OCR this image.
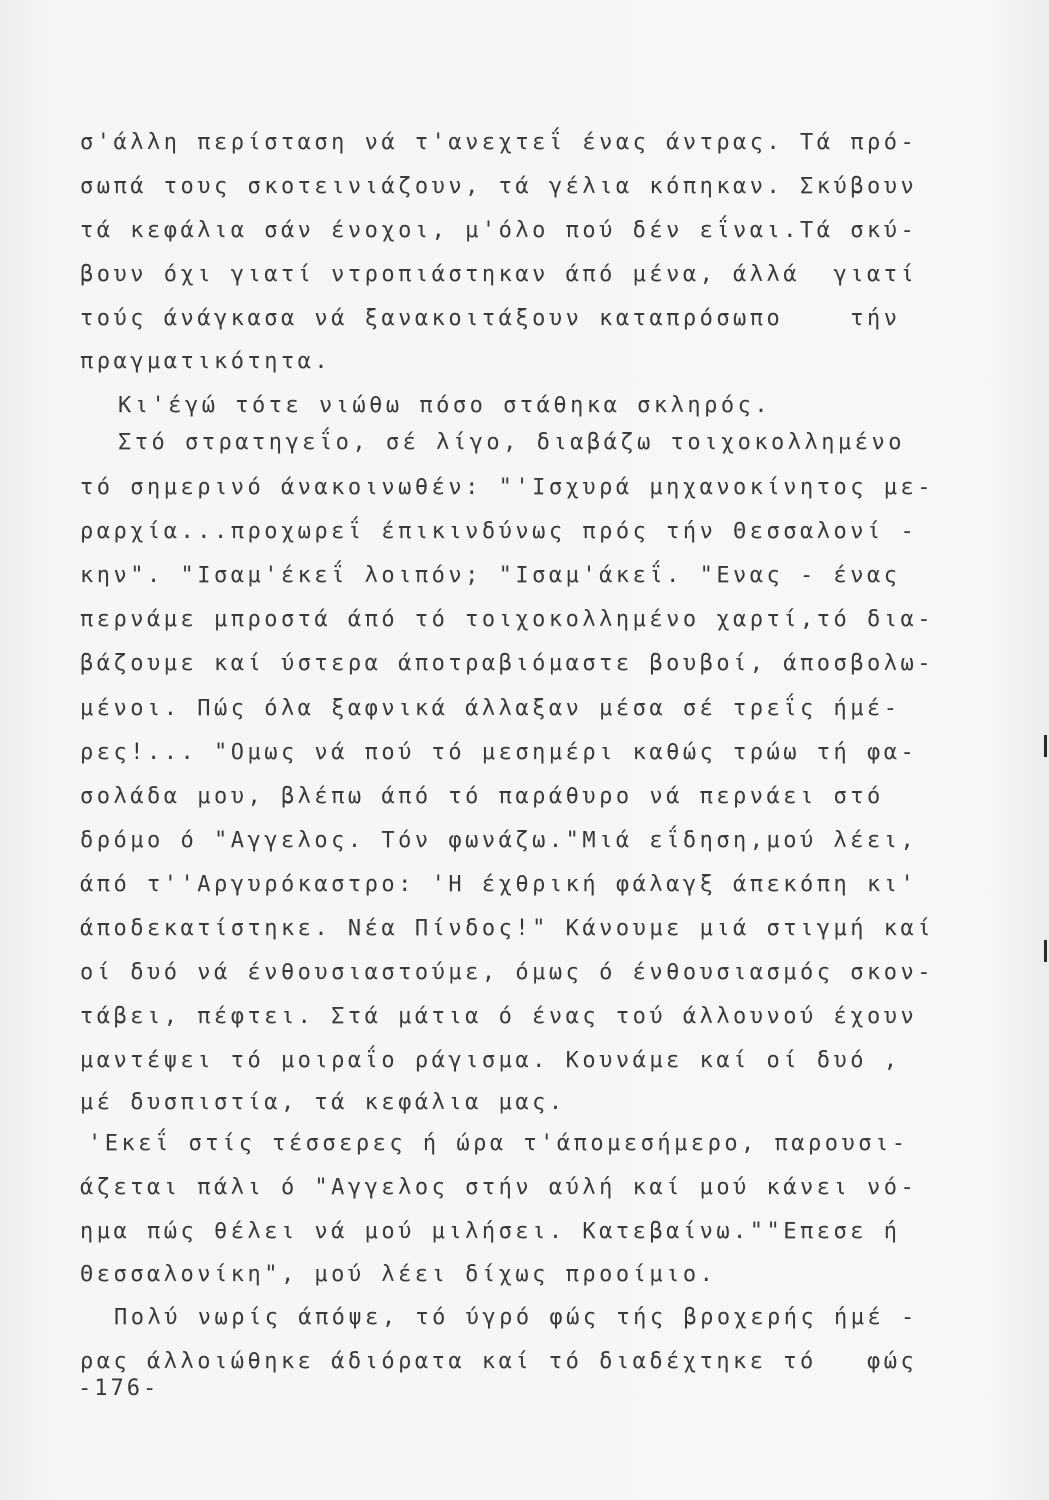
σ'άλλη περίσταση νά τ'ανεχτεΐ ένας άντρας. Τά πρό-
σωπά τους σκοτεινιάζουν, τά γέλια κόπηκαν. Σκύβουν
τά κεφάλια σάν ένοχοι, μ'όλο πού δέν εΐναι.Τά σκύ-
βουν όχι γιατί ντροπιάστηκαν άπό μένα, άλλά  γιατί
τούς άνάγκασα νά ξανακοιτάξουν καταπρόσωπο    τήν
πραγματικότητα.
Κι'έγώ τότε νιώθω πόσο στάθηκα σκληρός.
Στό στρατηγεΐο, σέ λίγο, διαβάζω τοιχοκολλημένο
τό σημερινό άνακοινωθέν: "'Ισχυρά μηχανοκίνητος με-
ραρχία...προχωρεΐ έπικινδύνως πρός τήν Θεσσαλονί -
κην". "Ισαμ'έκεΐ λοιπόν; "Ισαμ'άκεΐ. "Ενας - ένας
περνάμε μπροστά άπό τό τοιχοκολλημένο χαρτί,τό δια-
βάζουμε καί ύστερα άποτραβιόμαστε βουβοί, άποσβολω-
μένοι. Πώς όλα ξαφνικά άλλαξαν μέσα σέ τρεΐς ήμέ-
ρες!... "Ομως νά πού τό μεσημέρι καθώς τρώω τή φα-
σολάδα μου, βλέπω άπό τό παράθυρο νά περνάει στό
δρόμο ό "Αγγελος. Τόν φωνάζω."Μιά εΐδηση,μού λέει,
άπό τ''Αργυρόκαστρο: 'Η έχθρική φάλαγξ άπεκόπη κι'
άποδεκατίστηκε. Νέα Πίνδος!" Κάνουμε μιά στιγμή καί
οί δυό νά ένθουσιαστούμε, όμως ό ένθουσιασμός σκον-
τάβει, πέφτει. Στά μάτια ό ένας τού άλλουνού έχουν
μαντέψει τό μοιραΐο ράγισμα. Κουνάμε καί οί δυό ,
μέ δυσπιστία, τά κεφάλια μας.
'Εκεΐ στίς τέσσερες ή ώρα τ'άπομεσήμερο, παρουσι-
άζεται πάλι ό "Αγγελος στήν αύλή καί μού κάνει νό-
ημα πώς θέλει νά μού μιλήσει. Κατεβαίνω.""Επεσε ή
Θεσσαλονίκη", μού λέει δίχως προοίμιο.
Πολύ νωρίς άπόψε, τό ύγρό φώς τής βροχερής ήμέ -
ρας άλλοιώθηκε άδιόρατα καί τό διαδέχτηκε τό   φώς
-176-
